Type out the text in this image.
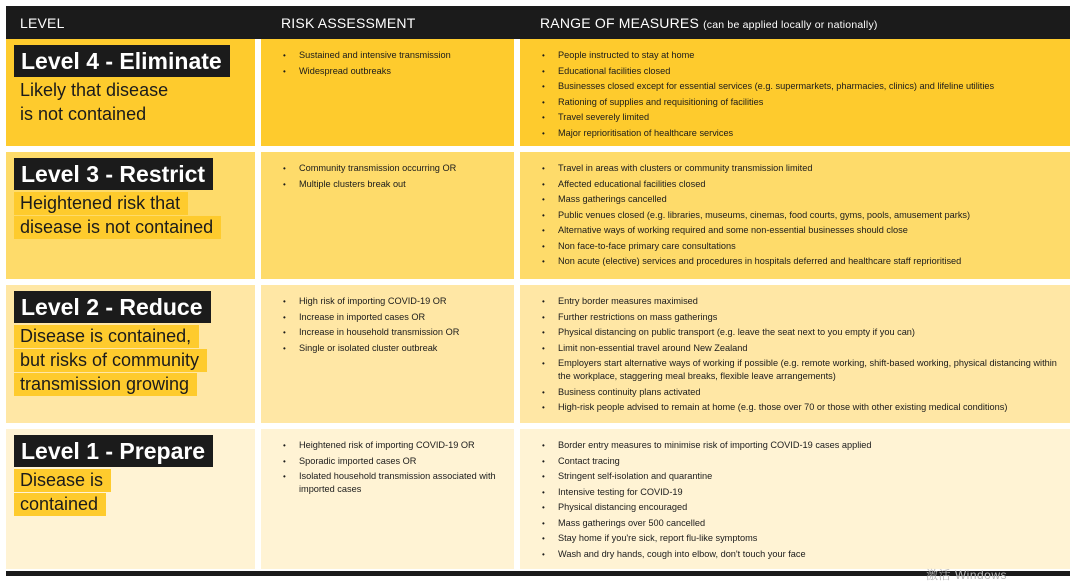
LEVEL	RISK ASSESSMENT	RANGE OF MEASURES (can be applied locally or nationally)
Level 4 - Eliminate
Likely that disease
is not contained
• Sustained and intensive transmission
• Widespread outbreaks
• People instructed to stay at home
• Educational facilities closed
• Businesses closed except for essential services (e.g. supermarkets, pharmacies, clinics) and lifeline utilities
• Rationing of supplies and requisitioning of facilities
• Travel severely limited
• Major reprioritisation of healthcare services
Level 3 - Restrict
Heightened risk that
disease is not contained
• Community transmission occurring OR
• Multiple clusters break out
• Travel in areas with clusters or community transmission limited
• Affected educational facilities closed
• Mass gatherings cancelled
• Public venues closed (e.g. libraries, museums, cinemas, food courts, gyms, pools, amusement parks)
• Alternative ways of working required and some non-essential businesses should close
• Non face-to-face primary care consultations
• Non acute (elective) services and procedures in hospitals deferred and healthcare staff reprioritised
Level 2 - Reduce
Disease is contained,
but risks of community
transmission growing
• High risk of importing COVID-19 OR
• Increase in imported cases OR
• Increase in household transmission OR
• Single or isolated cluster outbreak
• Entry border measures maximised
• Further restrictions on mass gatherings
• Physical distancing on public transport (e.g. leave the seat next to you empty if you can)
• Limit non-essential travel around New Zealand
• Employers start alternative ways of working if possible (e.g. remote working, shift-based working, physical distancing within the workplace, staggering meal breaks, flexible leave arrangements)
• Business continuity plans activated
• High-risk people advised to remain at home (e.g. those over 70 or those with other existing medical conditions)
Level 1 - Prepare
Disease is
contained
• Heightened risk of importing COVID-19 OR
• Sporadic imported cases OR
• Isolated household transmission associated with imported cases
• Border entry measures to minimise risk of importing COVID-19 cases applied
• Contact tracing
• Stringent self-isolation and quarantine
• Intensive testing for COVID-19
• Physical distancing encouraged
• Mass gatherings over 500 cancelled
• Stay home if you're sick, report flu-like symptoms
• Wash and dry hands, cough into elbow, don't touch your face
激活 Windows
